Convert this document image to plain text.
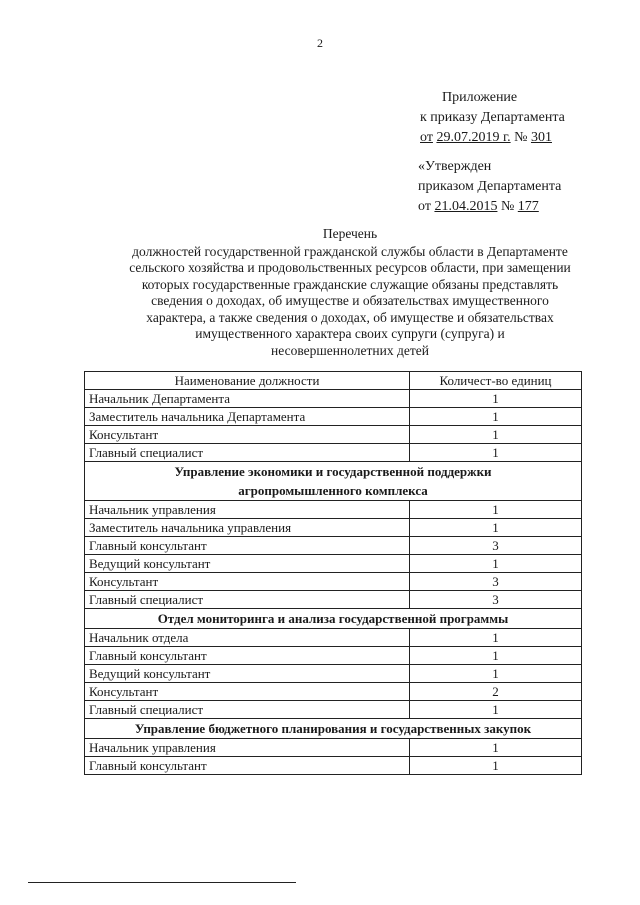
2
Приложение
к приказу Департамента
от 29.07.2019 г. № 301
«Утвержден
приказом Департамента
от 21.04.2015 № 177
Перечень
должностей государственной гражданской службы области в Департаменте
сельского хозяйства и продовольственных ресурсов области, при замещении
которых государственные гражданские служащие обязаны представлять
сведения о доходах, об имуществе и обязательствах имущественного
характера, а также сведения о доходах, об имуществе и обязательствах
имущественного характера своих супруги (супруга) и
несовершеннолетних детей
Наименование должности	Количест-во единиц
Начальник Департамента	1
Заместитель начальника Департамента	1
Консультант	1
Главный специалист	1

Управление экономики и государственной поддержки
агропромышленного комплекса	

Начальник управления	1
Заместитель начальника управления	1
Главный консультант	3
Ведущий консультант	1
Консультант	3
Главный специалист	3
Отдел мониторинга и анализа государственной программы	
Начальник отдела	1
Главный консультант	1
Ведущий консультант	1
Консультант	2
Главный специалист	1
Управление бюджетного планирования и государственных закупок	
Начальник управления	1
Главный консультант	1
